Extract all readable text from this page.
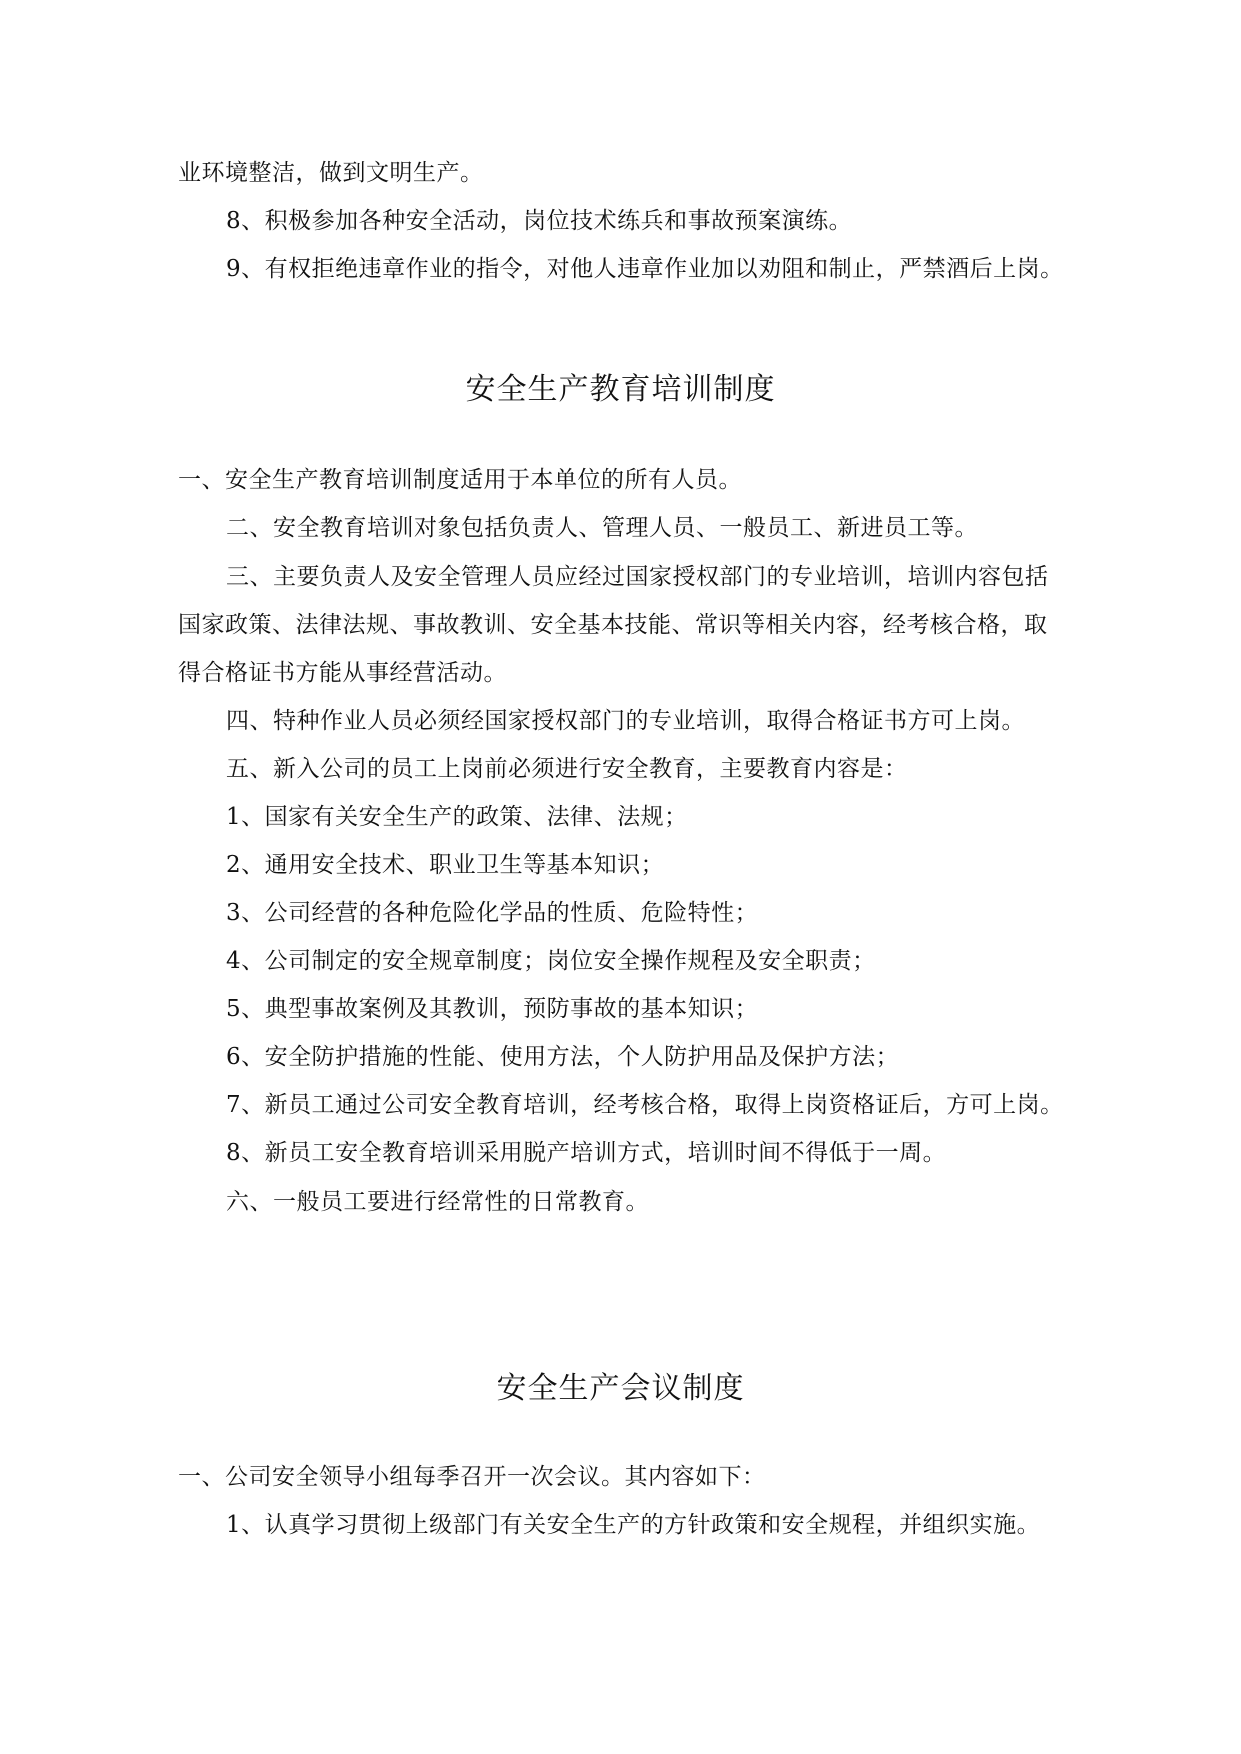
业环境整洁，做到文明生产。
8、积极参加各种安全活动，岗位技术练兵和事故预案演练。
9、有权拒绝违章作业的指令，对他人违章作业加以劝阻和制止，严禁酒后上岗。
安全生产教育培训制度
一、安全生产教育培训制度适用于本单位的所有人员。
二、安全教育培训对象包括负责人、管理人员、一般员工、新进员工等。
三、主要负责人及安全管理人员应经过国家授权部门的专业培训，培训内容包括
国家政策、法律法规、事故教训、安全基本技能、常识等相关内容，经考核合格，取
得合格证书方能从事经营活动。
四、特种作业人员必须经国家授权部门的专业培训，取得合格证书方可上岗。
五、新入公司的员工上岗前必须进行安全教育，主要教育内容是：
1、国家有关安全生产的政策、法律、法规；
2、通用安全技术、职业卫生等基本知识；
3、公司经营的各种危险化学品的性质、危险特性；
4、公司制定的安全规章制度；岗位安全操作规程及安全职责；
5、典型事故案例及其教训，预防事故的基本知识；
6、安全防护措施的性能、使用方法，个人防护用品及保护方法；
7、新员工通过公司安全教育培训，经考核合格，取得上岗资格证后，方可上岗。
8、新员工安全教育培训采用脱产培训方式，培训时间不得低于一周。
六、一般员工要进行经常性的日常教育。
安全生产会议制度
一、公司安全领导小组每季召开一次会议。其内容如下：
1、认真学习贯彻上级部门有关安全生产的方针政策和安全规程，并组织实施。
